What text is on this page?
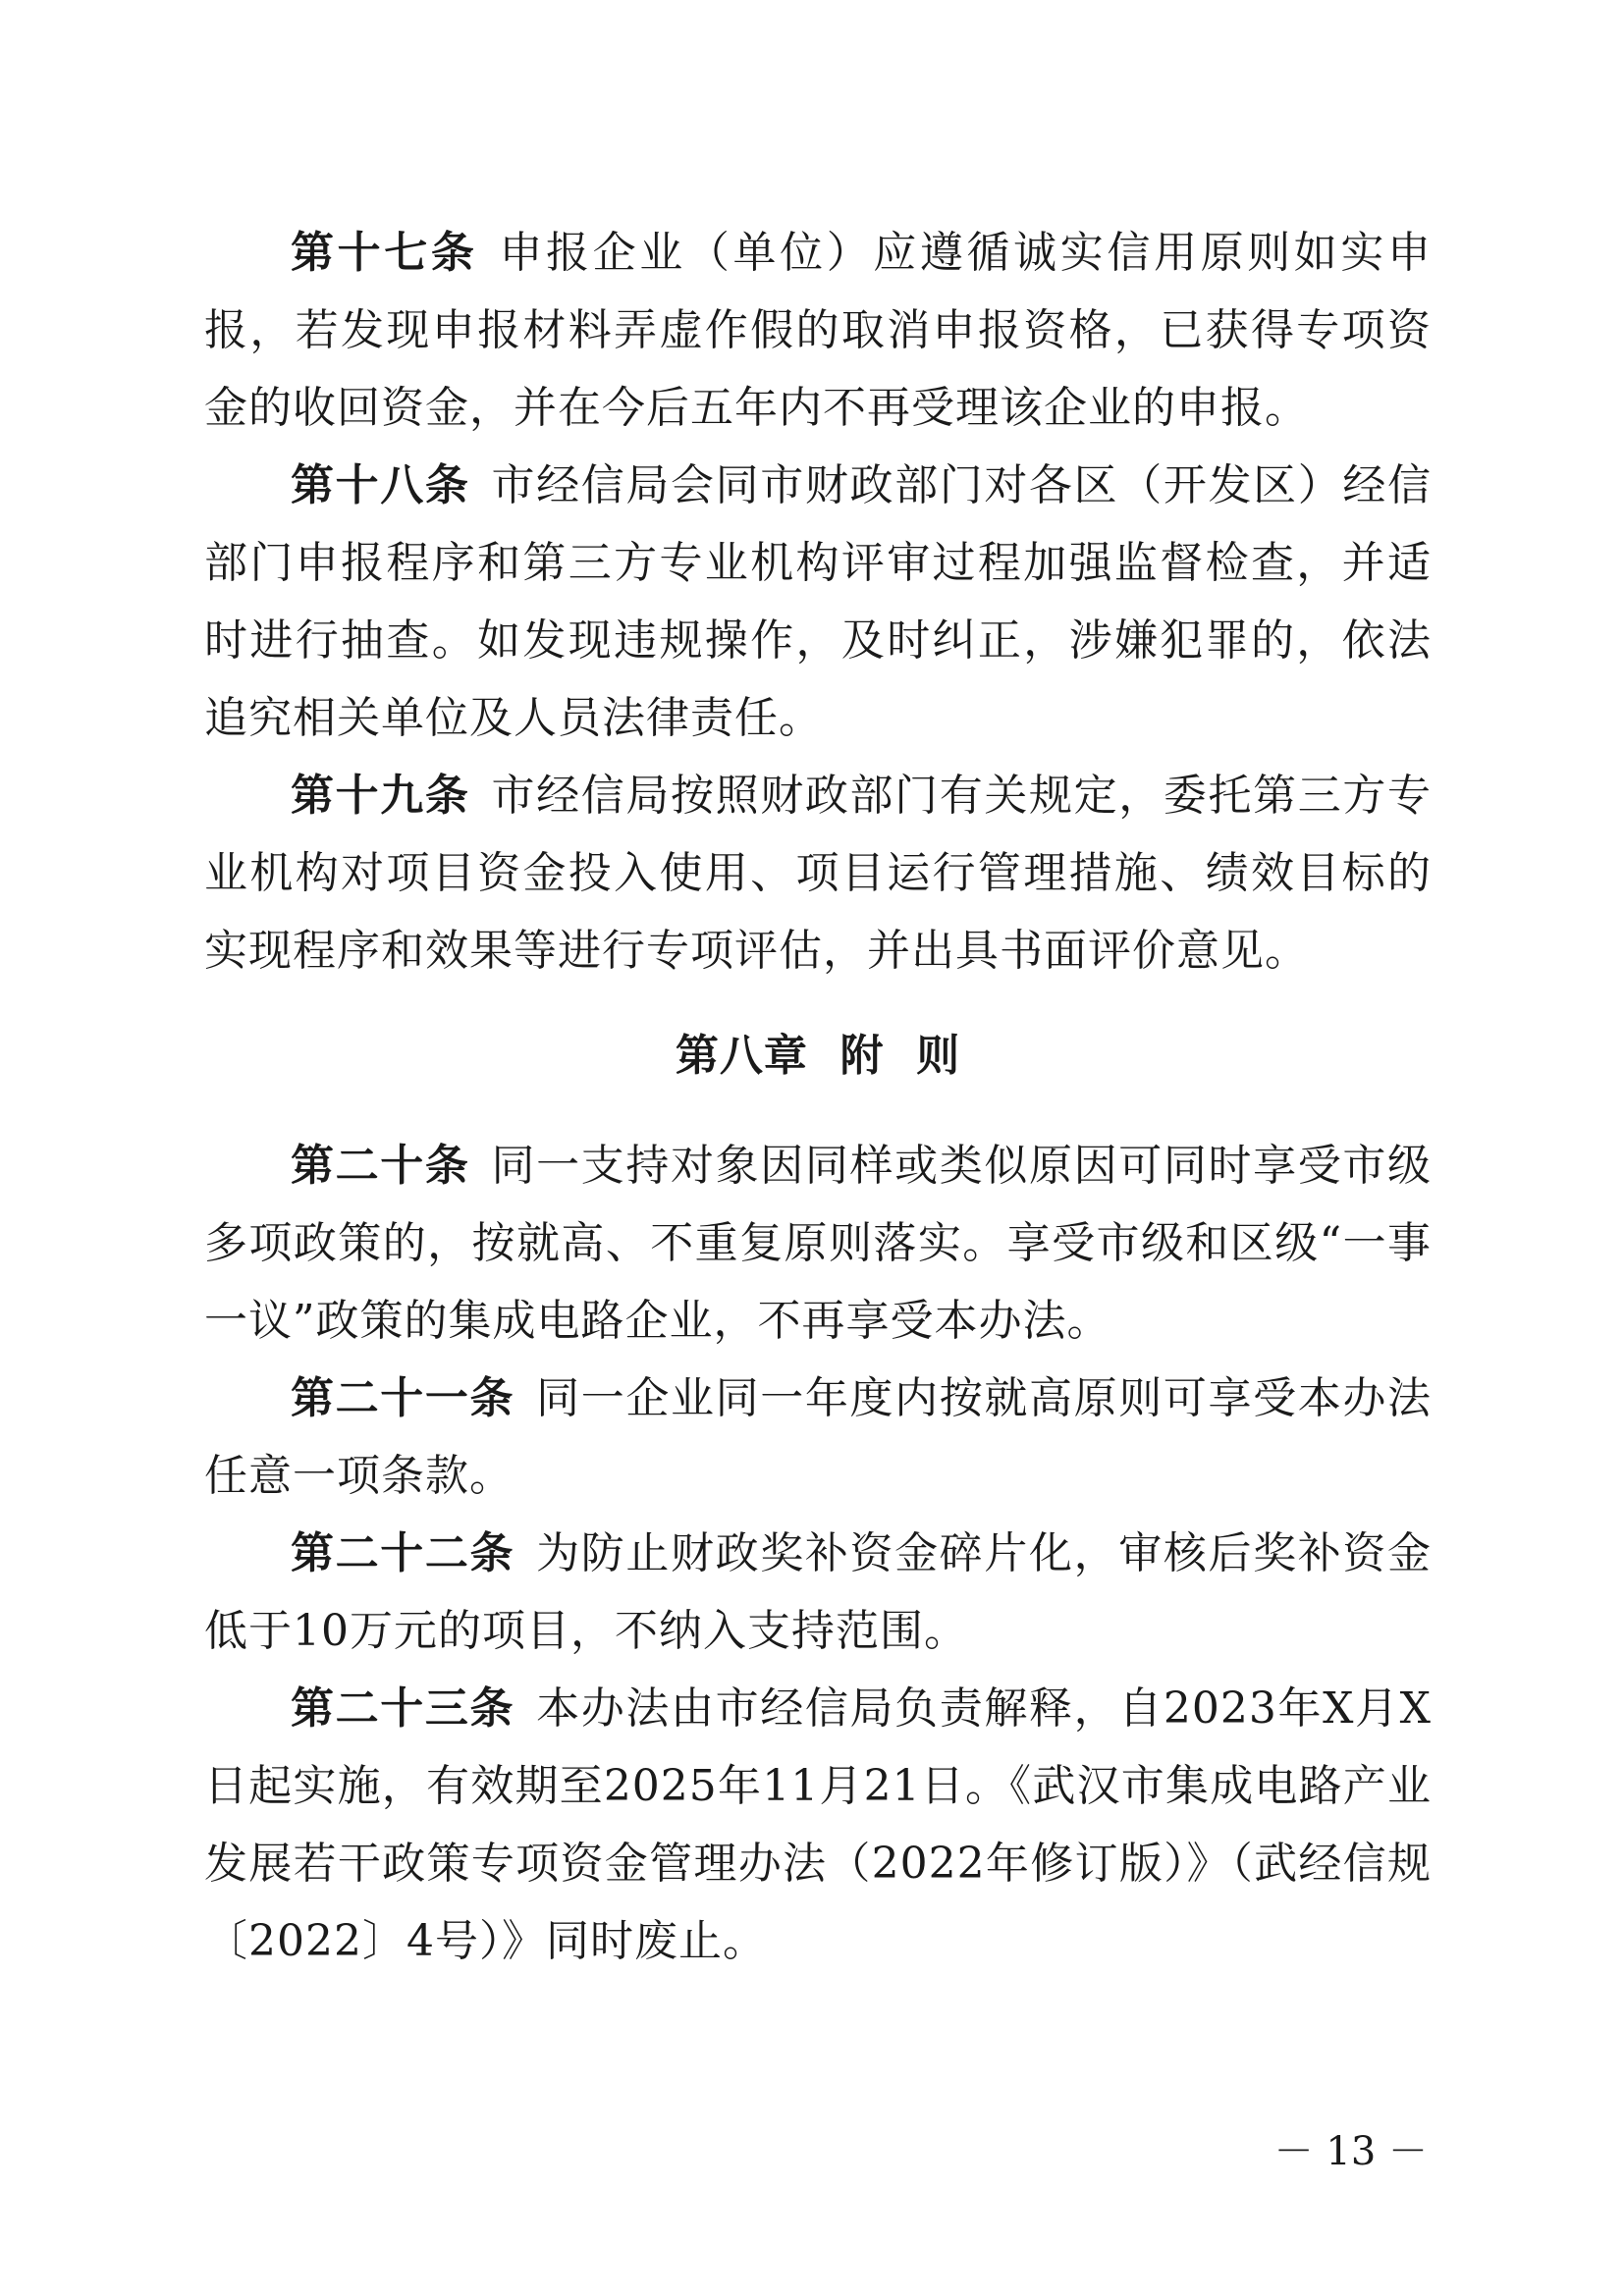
第十七条 申报企业（单位）应遵循诚实信用原则如实申报，若发现申报材料弄虚作假的取消申报资格，已获得专项资金的收回资金，并在今后五年内不再受理该企业的申报。

第十八条 市经信局会同市财政部门对各区（开发区）经信部门申报程序和第三方专业机构评审过程加强监督检查，并适时进行抽查。如发现违规操作，及时纠正，涉嫌犯罪的，依法追究相关单位及人员法律责任。

第十九条 市经信局按照财政部门有关规定，委托第三方专业机构对项目资金投入使用、项目运行管理措施、绩效目标的实现程序和效果等进行专项评估，并出具书面评价意见。

第八章  附  则

第二十条 同一支持对象因同样或类似原因可同时享受市级多项政策的，按就高、不重复原则落实。享受市级和区级“一事一议”政策的集成电路企业，不再享受本办法。

第二十一条 同一企业同一年度内按就高原则可享受本办法任意一项条款。

第二十二条 为防止财政奖补资金碎片化，审核后奖补资金低于10万元的项目，不纳入支持范围。

第二十三条 本办法由市经信局负责解释，自2023年X月X日起实施，有效期至2025年11月21日。《武汉市集成电路产业发展若干政策专项资金管理办法（2022年修订版）》（武经信规〔2022〕4号）》同时废止。

－ 13 －
